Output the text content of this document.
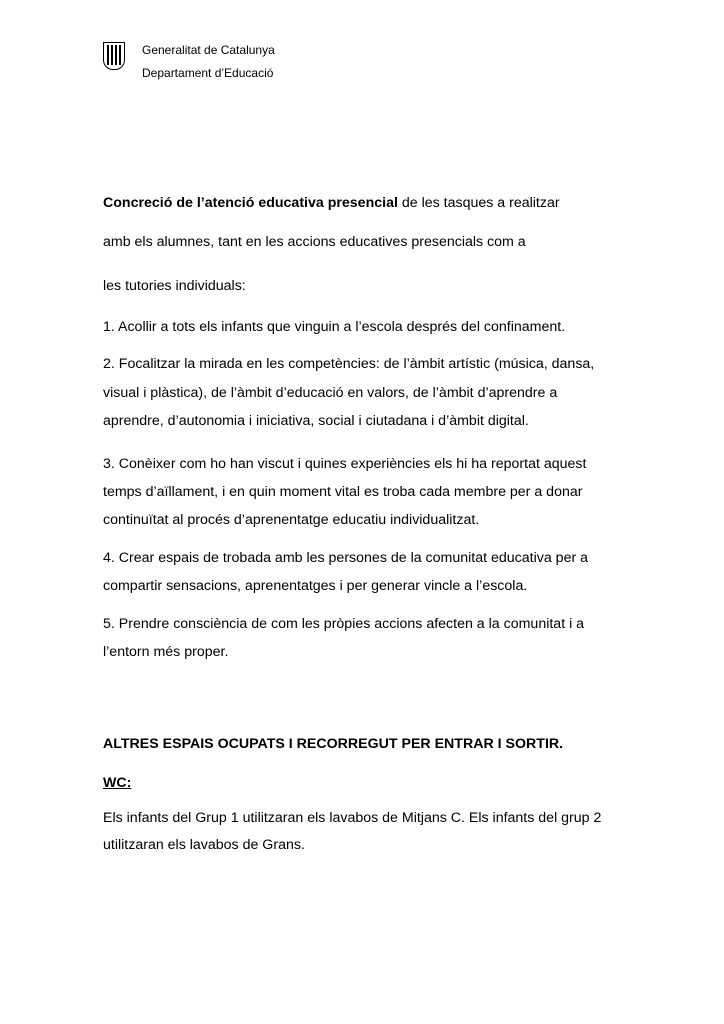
Generalitat de Catalunya
Departament d’Educació
Concreció de l’atenció educativa presencial de les tasques a realitzar
amb els alumnes, tant en les accions educatives presencials com a
les tutories individuals:
1. Acollir a tots els infants que vinguin a l’escola després del confinament.
2. Focalitzar la mirada en les competències: de l’àmbit artístic (música, dansa,
visual i plàstica), de l’àmbit d’educació en valors, de l’àmbit d’aprendre a
aprendre, d’autonomia i iniciativa, social i ciutadana i d’àmbit digital.
3. Conèixer com ho han viscut i quines experiències els hi ha reportat aquest
temps d’aïllament, i en quin moment vital es troba cada membre per a donar
continuïtat al procés d’aprenentatge educatiu individualitzat.
4. Crear espais de trobada amb les persones de la comunitat educativa per a
compartir sensacions, aprenentatges i per generar vincle a l’escola.
5. Prendre consciència de com les pròpies accions afecten a la comunitat i a
l’entorn més proper.
ALTRES ESPAIS OCUPATS I RECORREGUT PER ENTRAR I SORTIR.
WC:
Els infants del Grup 1 utilitzaran els lavabos de Mitjans C. Els infants del grup 2
utilitzaran els lavabos de Grans.
